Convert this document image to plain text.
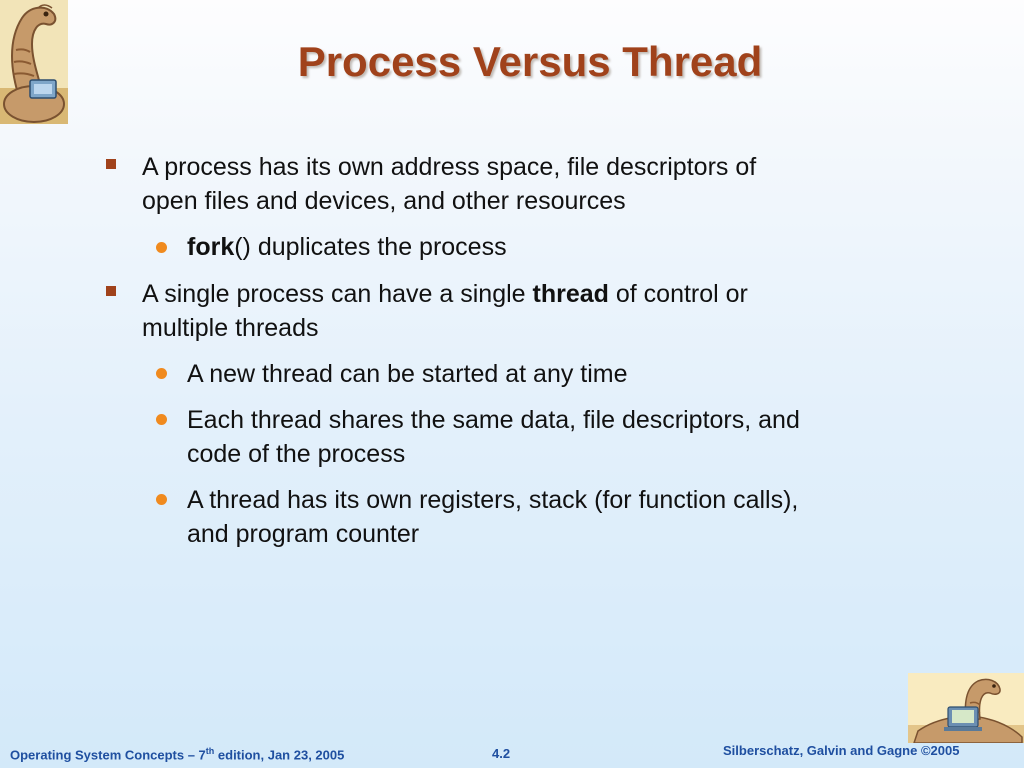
Process Versus Thread
A process has its own address space, file descriptors of
open files and devices, and other resources
fork() duplicates the process
A single process can have a single thread of control or
multiple threads
A new thread can be started at any time
Each thread shares the same data, file descriptors, and
code of the process
A thread has its own registers, stack (for function calls),
and program counter
Operating System Concepts – 7th edition, Jan 23, 2005	4.2	Silberschatz, Galvin and Gagne ©2005
